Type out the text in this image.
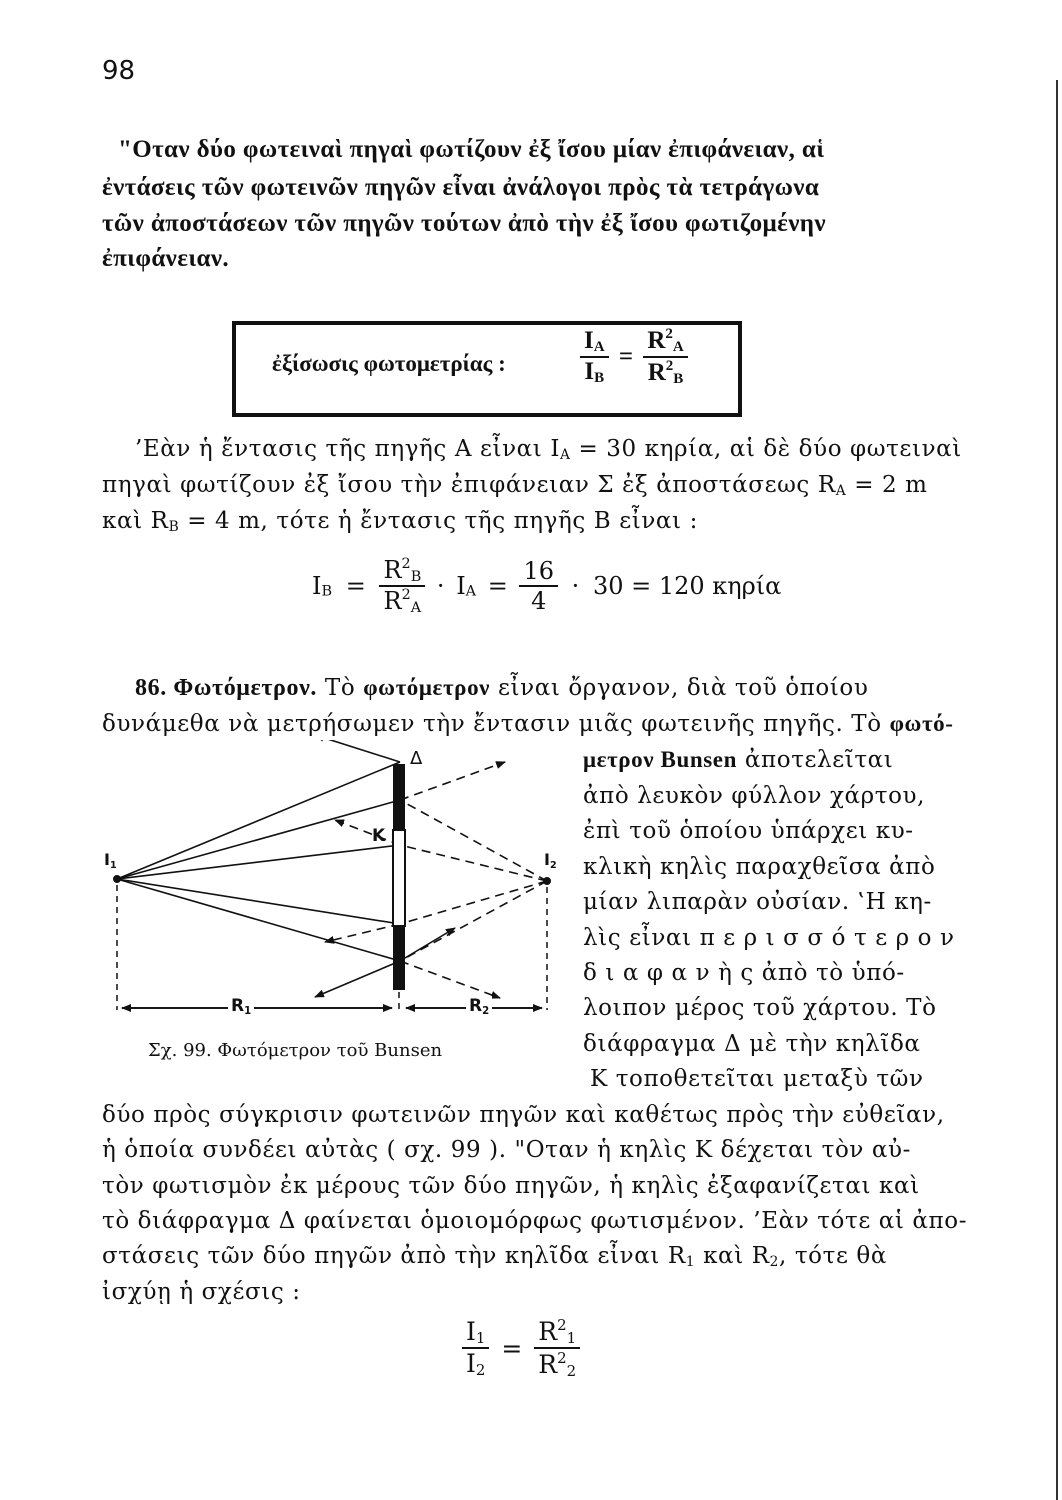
98
"Οταν δύο φωτειναὶ πηγαὶ φωτίζουν ἐξ ἴσου μίαν ἐπιφάνειαν, αἱ
ἐντάσεις τῶν φωτεινῶν πηγῶν εἶναι ἀνάλογοι πρὸς τὰ τετράγωνα
τῶν ἀποστάσεων τῶν πηγῶν τούτων ἀπὸ τὴν ἐξ ἴσου φωτιζομένην
ἐπιφάνειαν.
ἐξίσωσις φωτομετρίας :	$\frac{I_A}{I_B} = \frac{R^2_A}{R^2_B}$
’Εὰν ἡ ἔντασις τῆς πηγῆς A εἶναι $I_A = 30$ κηρία, αἱ δὲ δύο φωτειναὶ
πηγαὶ φωτίζουν ἐξ ἴσου τὴν ἐπιφάνειαν Σ ἐξ ἀποστάσεως $R_A = 2$ m
καὶ $R_B = 4$ m, τότε ἡ ἔντασις τῆς πηγῆς B εἶναι :
$I_B = \frac{R^2_B}{R^2_A} \cdot I_A = \frac{16}{4} \cdot 30 = 120$ κηρία
86. Φωτόμετρον. Τὸ φωτόμετρον εἶναι ὄργανον, διὰ τοῦ ὁποίου
δυνάμεθα νὰ μετρήσωμεν τὴν ἔντασιν μιᾶς φωτεινῆς πηγῆς. Τὸ φωτό-
μετρον Bunsen ἀποτελεῖται
ἀπὸ λευκὸν φύλλον χάρτου,
ἐπὶ τοῦ ὁποίου ὑπάρχει κυ-
κλικὴ κηλὶς παραχθεῖσα ἀπὸ
μίαν λιπαρὰν οὐσίαν. ‛Η κη-
λὶς εἶναι π ε ρ ι σ σ ό τ ε ρ ο ν
δ ι α φ α ν ὴ ς ἀπὸ τὸ ὑπό-
λοιπον μέρος τοῦ χάρτου. Τὸ
διάφραγμα Δ μὲ τὴν κηλῖδα
K τοποθετεῖται μεταξὺ τῶν
Δ
K
$I_1$	$I_2$
$R_1$	$R_2$
Σχ. 99. Φωτόμετρον τοῦ Bunsen
δύο πρὸς σύγκρισιν φωτεινῶν πηγῶν καὶ καθέτως πρὸς τὴν εὐθεῖαν,
ἡ ὁποία συνδέει αὐτὰς ( σχ. 99 ). "Οταν ἡ κηλὶς K δέχεται τὸν αὐ-
τὸν φωτισμὸν ἐκ μέρους τῶν δύο πηγῶν, ἡ κηλὶς ἐξαφανίζεται καὶ
τὸ διάφραγμα Δ φαίνεται ὁμοιομόρφως φωτισμένον. ’Εὰν τότε αἱ ἀπο-
στάσεις τῶν δύο πηγῶν ἀπὸ τὴν κηλῖδα εἶναι $R_1$ καὶ $R_2$, τότε θὰ
ἰσχύῃ ἡ σχέσις :
$\frac{I_1}{I_2} = \frac{R^2_1}{R^2_2}$
